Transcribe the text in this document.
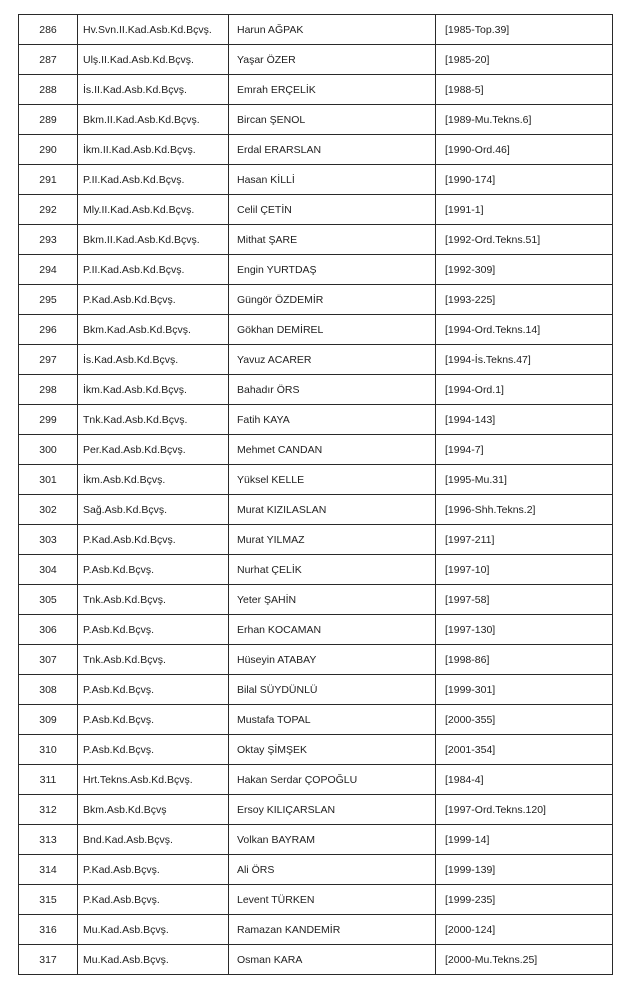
286	Hv.Svn.II.Kad.Asb.Kd.Bçvş.	Harun AĞPAK	[1985-Top.39]
287	Ulş.II.Kad.Asb.Kd.Bçvş.	Yaşar ÖZER	[1985-20]
288	İs.II.Kad.Asb.Kd.Bçvş.	Emrah ERÇELİK	[1988-5]
289	Bkm.II.Kad.Asb.Kd.Bçvş.	Bircan ŞENOL	[1989-Mu.Tekns.6]
290	İkm.II.Kad.Asb.Kd.Bçvş.	Erdal ERARSLAN	[1990-Ord.46]
291	P.II.Kad.Asb.Kd.Bçvş.	Hasan KİLLİ	[1990-174]
292	Mly.II.Kad.Asb.Kd.Bçvş.	Celil ÇETİN	[1991-1]
293	Bkm.II.Kad.Asb.Kd.Bçvş.	Mithat ŞARE	[1992-Ord.Tekns.51]
294	P.II.Kad.Asb.Kd.Bçvş.	Engin YURTDAŞ	[1992-309]
295	P.Kad.Asb.Kd.Bçvş.	Güngör ÖZDEMİR	[1993-225]
296	Bkm.Kad.Asb.Kd.Bçvş.	Gökhan DEMİREL	[1994-Ord.Tekns.14]
297	İs.Kad.Asb.Kd.Bçvş.	Yavuz ACARER	[1994-İs.Tekns.47]
298	İkm.Kad.Asb.Kd.Bçvş.	Bahadır ÖRS	[1994-Ord.1]
299	Tnk.Kad.Asb.Kd.Bçvş.	Fatih KAYA	[1994-143]
300	Per.Kad.Asb.Kd.Bçvş.	Mehmet CANDAN	[1994-7]
301	İkm.Asb.Kd.Bçvş.	Yüksel KELLE	[1995-Mu.31]
302	Sağ.Asb.Kd.Bçvş.	Murat KIZILASLAN	[1996-Shh.Tekns.2]
303	P.Kad.Asb.Kd.Bçvş.	Murat YILMAZ	[1997-211]
304	P.Asb.Kd.Bçvş.	Nurhat ÇELİK	[1997-10]
305	Tnk.Asb.Kd.Bçvş.	Yeter ŞAHİN	[1997-58]
306	P.Asb.Kd.Bçvş.	Erhan KOCAMAN	[1997-130]
307	Tnk.Asb.Kd.Bçvş.	Hüseyin ATABAY	[1998-86]
308	P.Asb.Kd.Bçvş.	Bilal SÜYDÜNLÜ	[1999-301]
309	P.Asb.Kd.Bçvş.	Mustafa TOPAL	[2000-355]
310	P.Asb.Kd.Bçvş.	Oktay ŞİMŞEK	[2001-354]
311	Hrt.Tekns.Asb.Kd.Bçvş.	Hakan Serdar ÇOPOĞLU	[1984-4]
312	Bkm.Asb.Kd.Bçvş	Ersoy KILIÇARSLAN	[1997-Ord.Tekns.120]
313	Bnd.Kad.Asb.Bçvş.	Volkan BAYRAM	[1999-14]
314	P.Kad.Asb.Bçvş.	Ali ÖRS	[1999-139]
315	P.Kad.Asb.Bçvş.	Levent TÜRKEN	[1999-235]
316	Mu.Kad.Asb.Bçvş.	Ramazan KANDEMİR	[2000-124]
317	Mu.Kad.Asb.Bçvş.	Osman KARA	[2000-Mu.Tekns.25]
